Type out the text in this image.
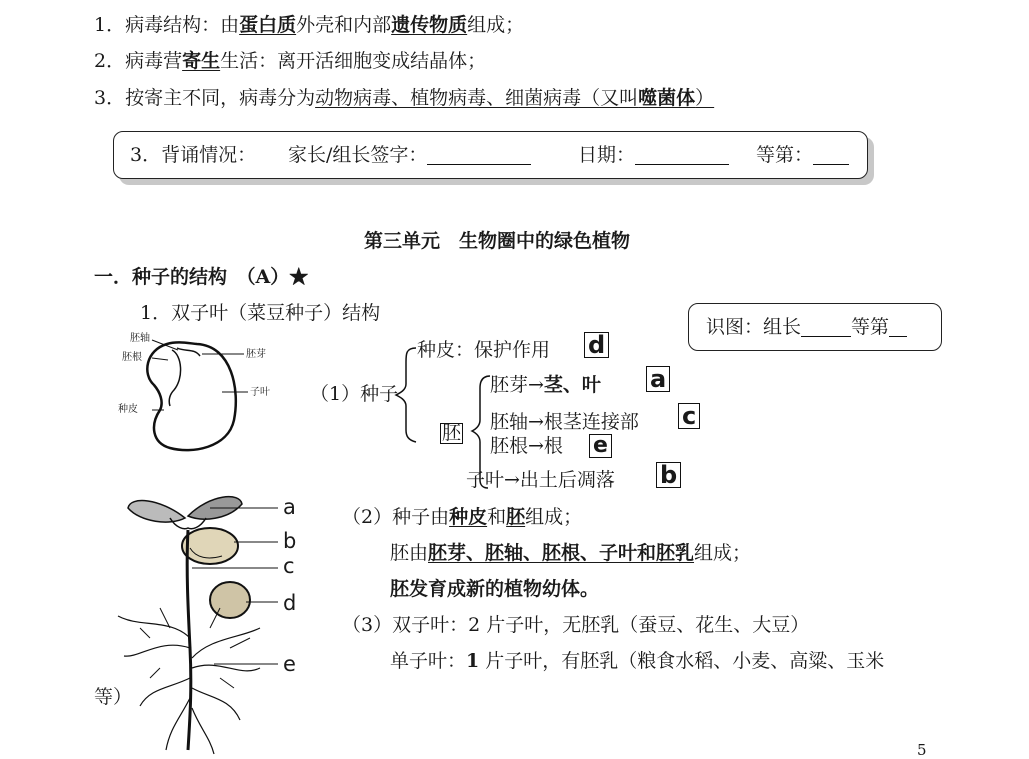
1．病毒结构：由蛋白质外壳和内部遗传物质组成；
2．病毒营寄生生活：离开活细胞变成结晶体；
3．按寄主不同，病毒分为动物病毒、植物病毒、细菌病毒（又叫噬菌体）
3．背诵情况： 家长/组长签字：	日期：	等第：
第三单元　生物圈中的绿色植物
一．种子的结构　（A）★
1．双子叶（菜豆种子）结构
识图：组长	等第
胚轴
胚根	胚芽
子叶
种皮
（1）种子
种皮：保护作用 d
胚
胚芽→茎、叶 a
胚轴→根茎连接部 c
胚根→根 e
子叶→出土后凋落 b
a
b
c
d
e
（2）种子由种皮和胚组成；
胚由胚芽、胚轴、胚根、子叶和胚乳组成；
胚发育成新的植物幼体。
（3）双子叶：2 片子叶，无胚乳（蚕豆、花生、大豆）
单子叶：1 片子叶，有胚乳（粮食水稻、小麦、高粱、玉米
等）
5
